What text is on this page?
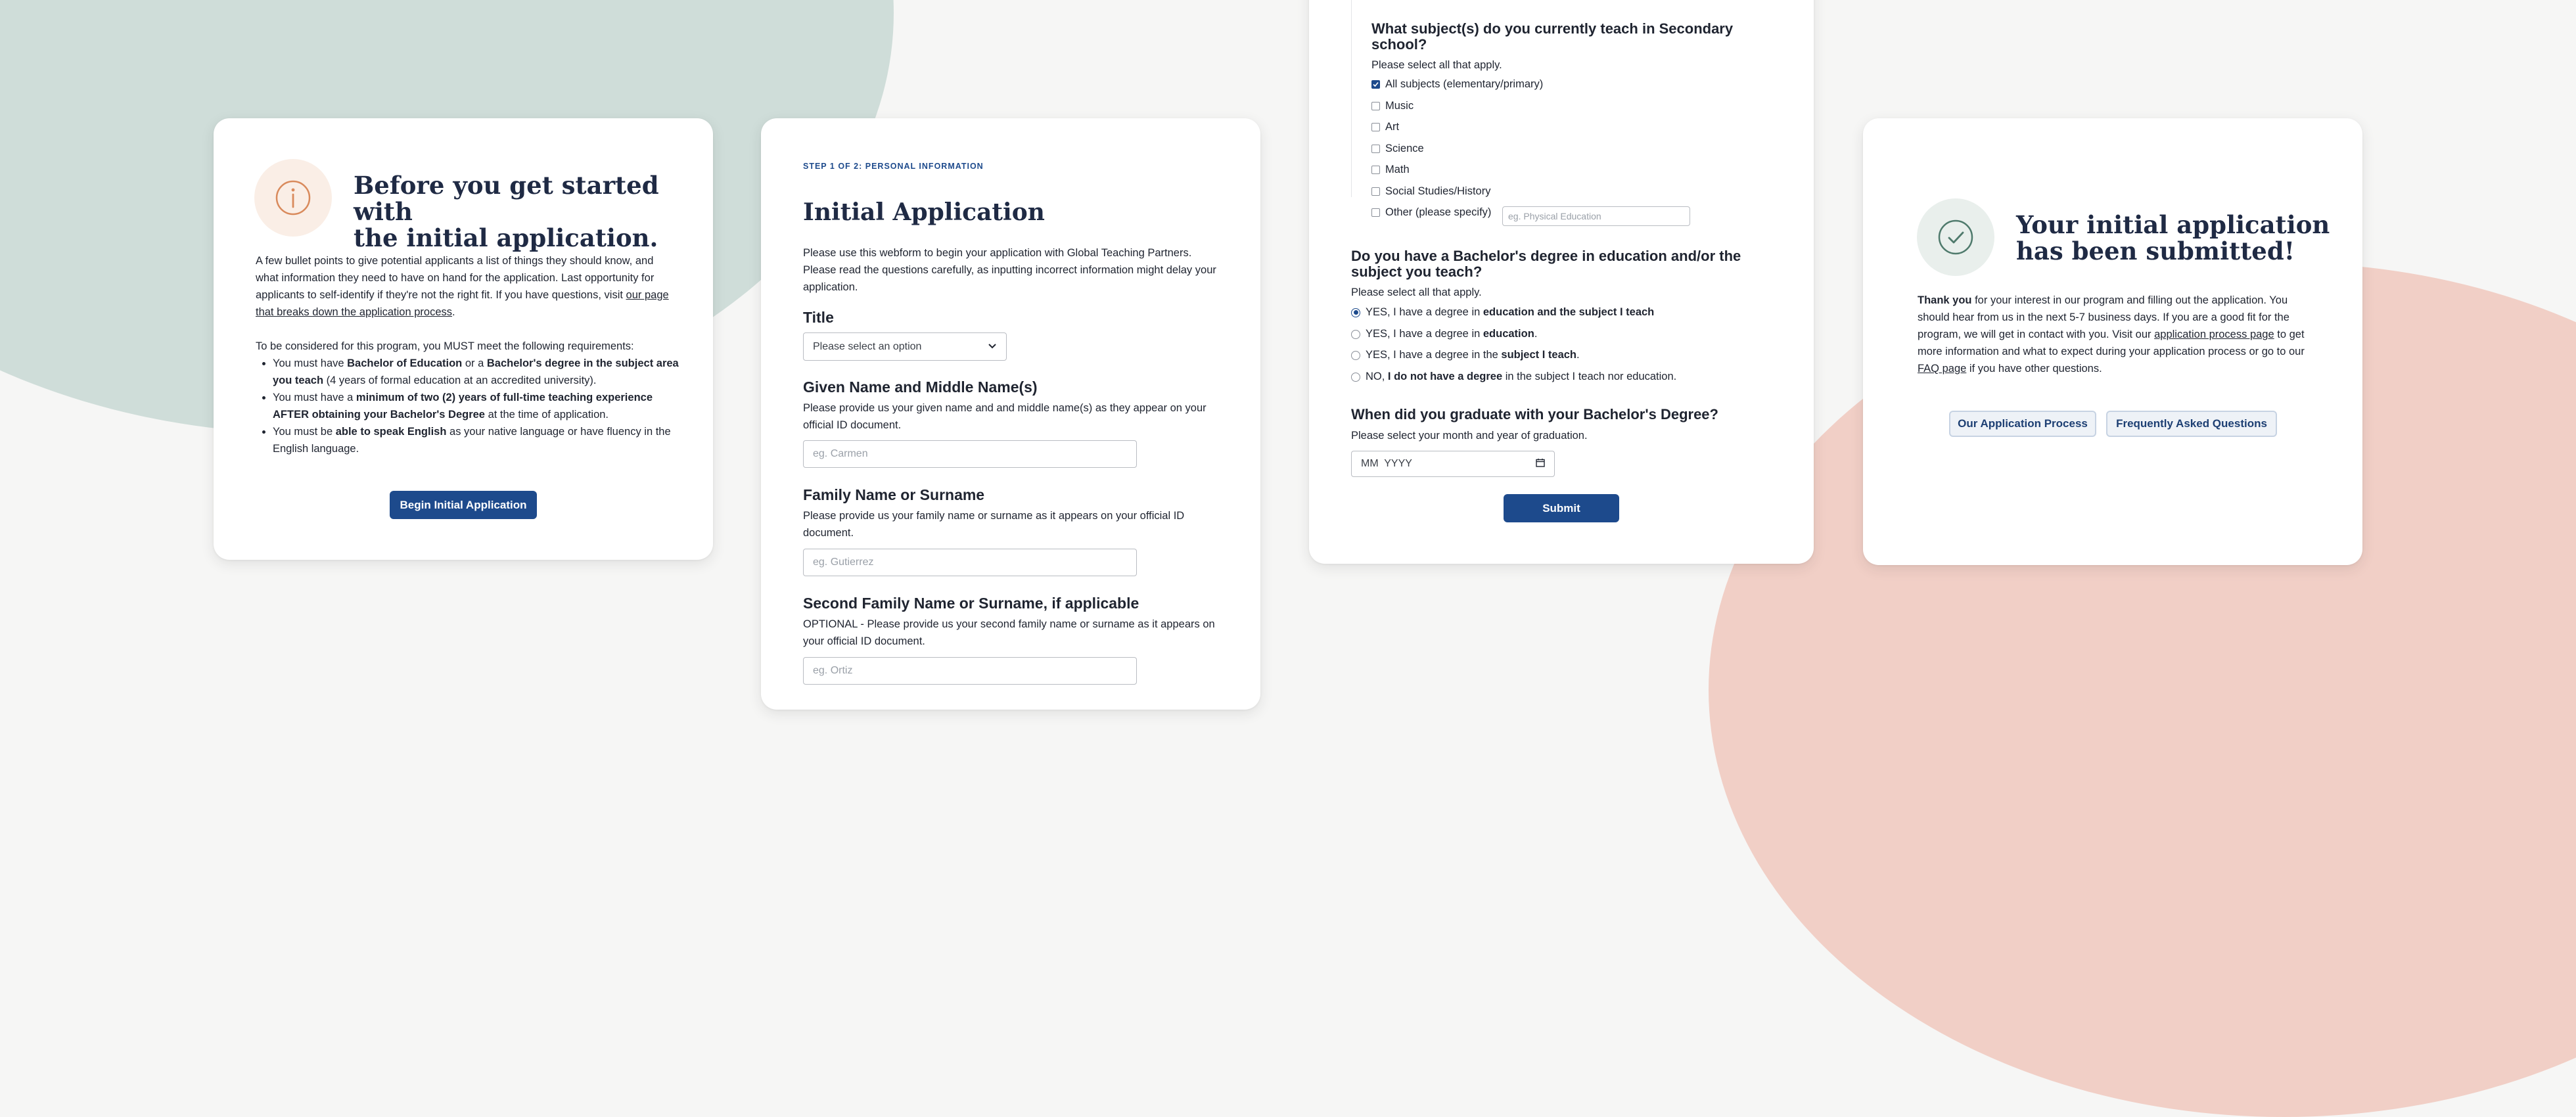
Before you get started with
the initial application.

A few bullet points to give potential applicants a list of things they should know, and what information they need to have on hand for the application. Last opportunity for applicants to self-identify if they're not the right fit. If you have questions, visit our page that breaks down the application process.

To be considered for this program, you MUST meet the following requirements:

• You must have Bachelor of Education or a Bachelor's degree in the subject area you teach (4 years of formal education at an accredited university).
• You must have a minimum of two (2) years of full-time teaching experience AFTER obtaining your Bachelor's Degree at the time of application.
• You must be able to speak English as your native language or have fluency in the English language.
Begin Initial Application
STEP 1 OF 2: PERSONAL INFORMATION
Initial Application

Please use this webform to begin your application with Global Teaching Partners. Please read the questions carefully, as inputting incorrect information might delay your application.

Title
Please select an option
Given Name and Middle Name(s)

Please provide us your given name and and middle name(s) as they appear on your official ID document.

eg. Carmen
Family Name or Surname

Please provide us your family name or surname as it appears on your official ID document.

eg. Gutierrez
Second Family Name or Surname, if applicable

OPTIONAL - Please provide us your second family name or surname as it appears on your official ID document.

eg. Ortiz
What subject(s) do you currently teach in Secondary school?

Please select all that apply.

All subjects (elementary/primary)
Music
Art
Science
Math
Social Studies/History
Other (please specify)	eg. Physical Education
Do you have a Bachelor's degree in education and/or the subject you teach?

Please select all that apply.

YES, I have a degree in education and the subject I teach
YES, I have a degree in education.
YES, I have a degree in the subject I teach.
NO, I do not have a degree in the subject I teach nor education.
When did you graduate with your Bachelor's Degree?

Please select your month and year of graduation.

MM  YYYY
Submit
Your initial application
has been submitted!

Thank you for your interest in our program and filling out the application. You should hear from us in the next 5-7 business days. If you are a good fit for the program, we will get in contact with you. Visit our application process page to get more information and what to expect during your application process or go to our FAQ page if you have other questions.

Our Application Process	Frequently Asked Questions
